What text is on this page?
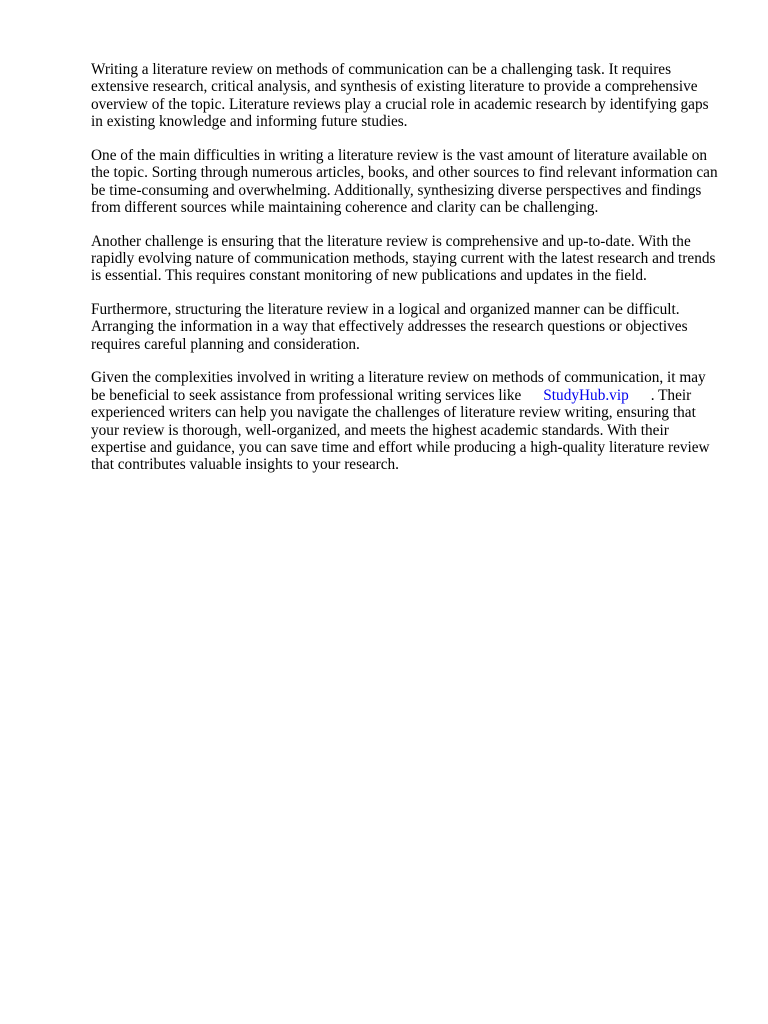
Writing a literature review on methods of communication can be a challenging task. It requires extensive research, critical analysis, and synthesis of existing literature to provide a comprehensive overview of the topic. Literature reviews play a crucial role in academic research by identifying gaps in existing knowledge and informing future studies.

One of the main difficulties in writing a literature review is the vast amount of literature available on the topic. Sorting through numerous articles, books, and other sources to find relevant information can be time-consuming and overwhelming. Additionally, synthesizing diverse perspectives and findings from different sources while maintaining coherence and clarity can be challenging.

Another challenge is ensuring that the literature review is comprehensive and up-to-date. With the rapidly evolving nature of communication methods, staying current with the latest research and trends is essential. This requires constant monitoring of new publications and updates in the field.

Furthermore, structuring the literature review in a logical and organized manner can be difficult. Arranging the information in a way that effectively addresses the research questions or objectives requires careful planning and consideration.

Given the complexities involved in writing a literature review on methods of communication, it may be beneficial to seek assistance from professional writing services like StudyHub.vip . Their experienced writers can help you navigate the challenges of literature review writing, ensuring that your review is thorough, well-organized, and meets the highest academic standards. With their expertise and guidance, you can save time and effort while producing a high-quality literature review that contributes valuable insights to your research.
